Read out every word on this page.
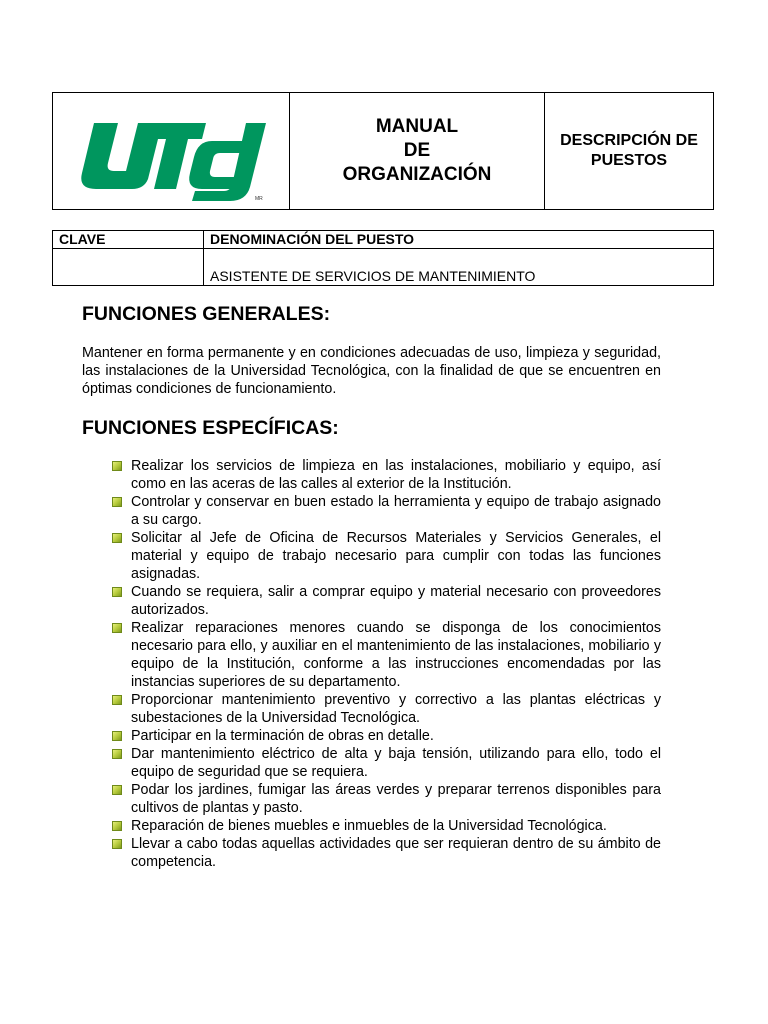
MR
MANUAL
DE
ORGANIZACIÓN
DESCRIPCIÓN DE
PUESTOS
CLAVE	DENOMINACIÓN DEL PUESTO
	ASISTENTE DE SERVICIOS DE MANTENIMIENTO
FUNCIONES GENERALES:

Mantener en forma permanente y en condiciones adecuadas de uso, limpieza y seguridad, las instalaciones de la Universidad Tecnológica, con la finalidad de que se encuentren en óptimas condiciones de funcionamiento.

FUNCIONES ESPECÍFICAS:
Realizar los servicios de limpieza en las instalaciones, mobiliario y equipo, así como en las aceras de las calles al exterior de la Institución.
Controlar y conservar en buen estado la herramienta y equipo de trabajo asignado a su cargo.
Solicitar al Jefe de Oficina de Recursos Materiales y Servicios Generales, el material y equipo de trabajo necesario para cumplir con todas las funciones asignadas.
Cuando se requiera, salir a comprar equipo y material necesario con proveedores autorizados.
Realizar reparaciones menores cuando se disponga de los conocimientos necesario para ello, y auxiliar en el mantenimiento de las instalaciones, mobiliario y equipo de la Institución, conforme a las instrucciones encomendadas por las instancias superiores de su departamento.
Proporcionar mantenimiento preventivo y correctivo a las plantas eléctricas y subestaciones de la Universidad Tecnológica.
Participar en la terminación de obras en detalle.
Dar mantenimiento eléctrico de alta y baja tensión, utilizando para ello, todo el equipo de seguridad que se requiera.
Podar los jardines, fumigar las áreas verdes y preparar terrenos disponibles para cultivos de plantas y pasto.
Reparación de bienes muebles e inmuebles de la Universidad Tecnológica.
Llevar a cabo todas aquellas actividades que ser requieran dentro de su ámbito de competencia.
